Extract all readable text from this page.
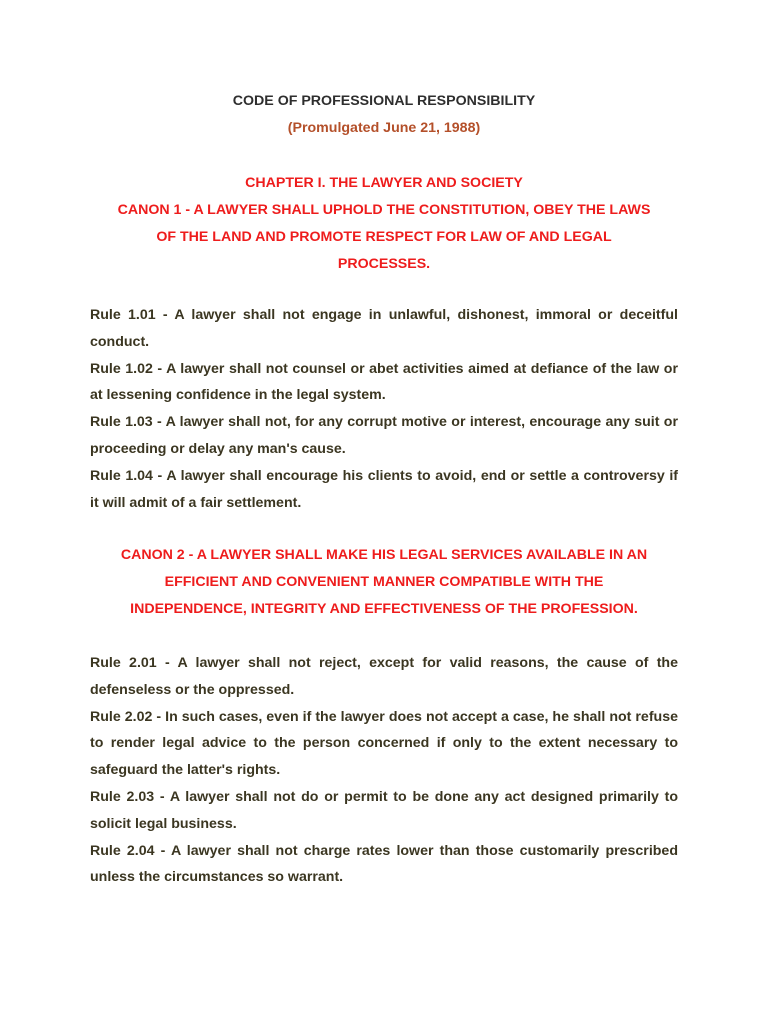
CODE OF PROFESSIONAL RESPONSIBILITY
(Promulgated June 21, 1988)
CHAPTER I. THE LAWYER AND SOCIETY
CANON 1 - A LAWYER SHALL UPHOLD THE CONSTITUTION, OBEY THE LAWS
OF THE LAND AND PROMOTE RESPECT FOR LAW OF AND LEGAL
PROCESSES.

Rule 1.01 - A lawyer shall not engage in unlawful, dishonest, immoral or deceitful conduct.

Rule 1.02 - A lawyer shall not counsel or abet activities aimed at defiance of the law or at lessening confidence in the legal system.

Rule 1.03 - A lawyer shall not, for any corrupt motive or interest, encourage any suit or proceeding or delay any man's cause.

Rule 1.04 - A lawyer shall encourage his clients to avoid, end or settle a controversy if it will admit of a fair settlement.

CANON 2 - A LAWYER SHALL MAKE HIS LEGAL SERVICES AVAILABLE IN AN
EFFICIENT AND CONVENIENT MANNER COMPATIBLE WITH THE
INDEPENDENCE, INTEGRITY AND EFFECTIVENESS OF THE PROFESSION.

Rule 2.01 - A lawyer shall not reject, except for valid reasons, the cause of the defenseless or the oppressed.

Rule 2.02 - In such cases, even if the lawyer does not accept a case, he shall not refuse to render legal advice to the person concerned if only to the extent necessary to safeguard the latter's rights.

Rule 2.03 - A lawyer shall not do or permit to be done any act designed primarily to solicit legal business.

Rule 2.04 - A lawyer shall not charge rates lower than those customarily prescribed unless the circumstances so warrant.
